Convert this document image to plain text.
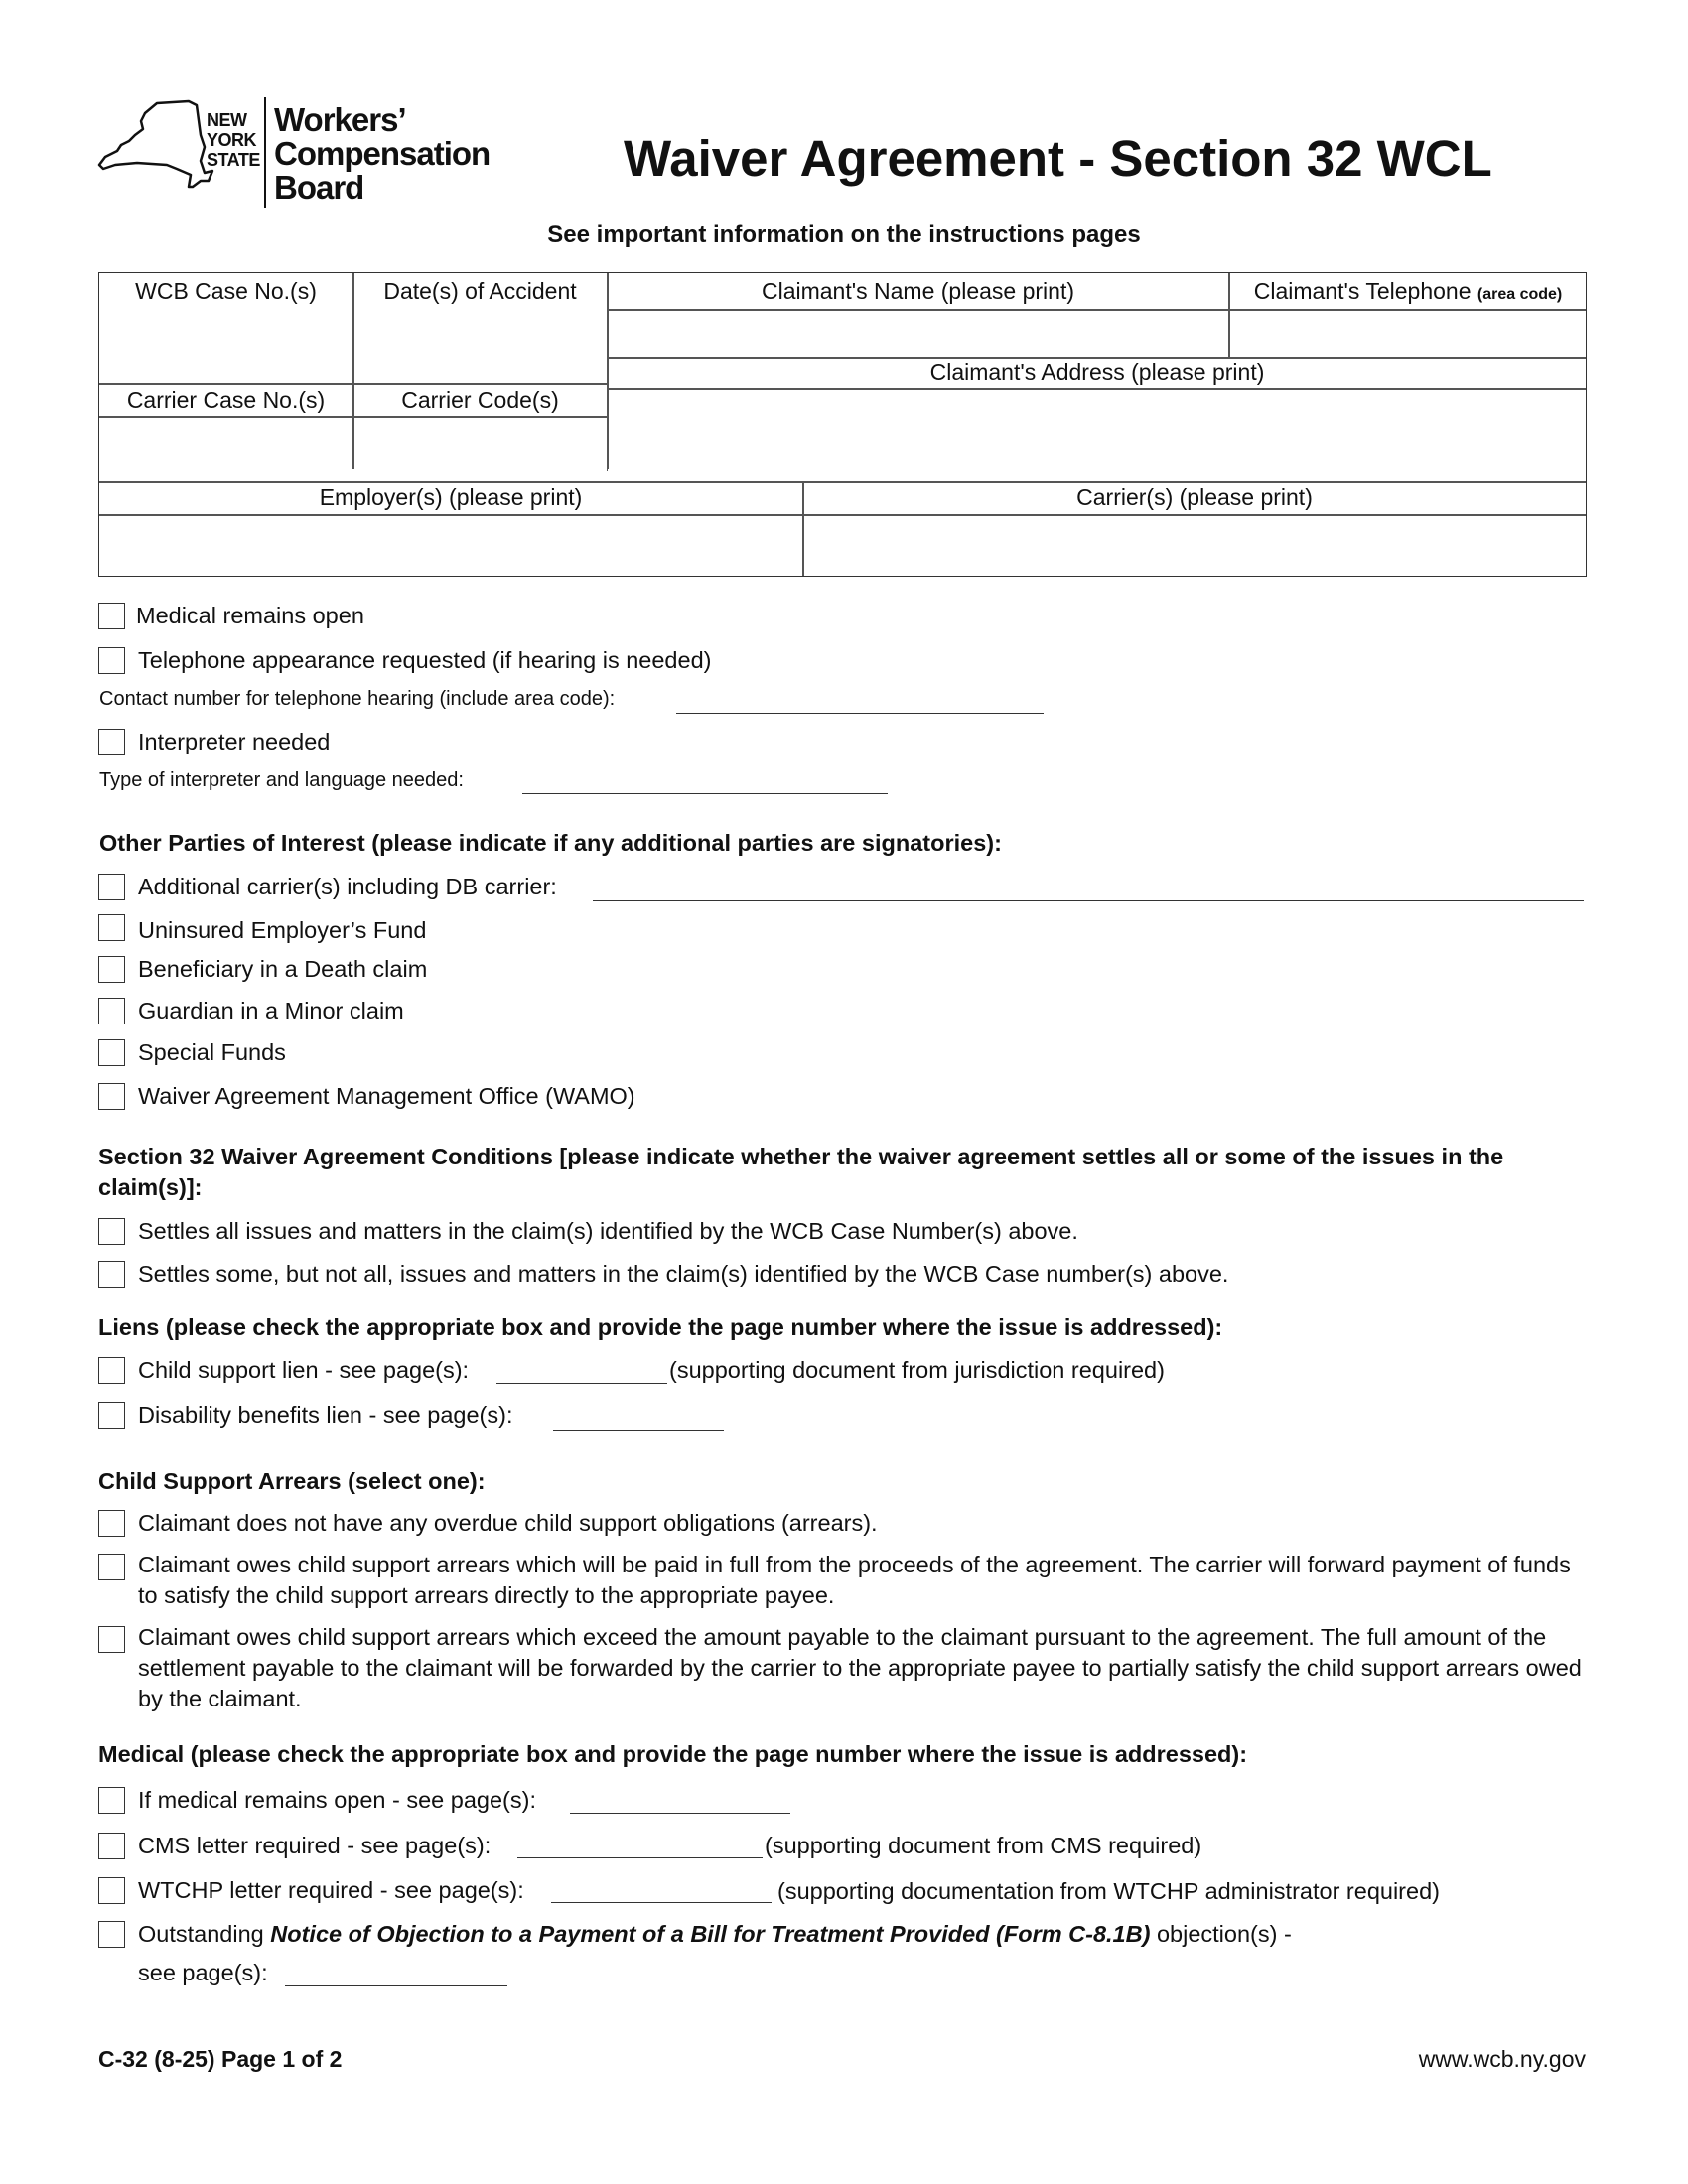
NEW
YORK
STATE
Workers’
Compensation
Board
Waiver Agreement - Section 32 WCL
See important information on the instructions pages
WCB Case No.(s)	Date(s) of Accident	Claimant's Name (please print)	Claimant's Telephone (area code)
Claimant's Address (please print)
Carrier Case No.(s)	Carrier Code(s)
Employer(s) (please print)	Carrier(s) (please print)
Medical remains open
Telephone appearance requested (if hearing is needed)
Contact number for telephone hearing (include area code):
Interpreter needed
Type of interpreter and language needed:
Other Parties of Interest (please indicate if any additional parties are signatories):
Additional carrier(s) including DB carrier:
Uninsured Employer’s Fund
Beneficiary in a Death claim
Guardian in a Minor claim
Special Funds
Waiver Agreement Management Office (WAMO)
Section 32 Waiver Agreement Conditions [please indicate whether the waiver agreement settles all or some of the issues in the claim(s)]:
Settles all issues and matters in the claim(s) identified by the WCB Case Number(s) above.
Settles some, but not all, issues and matters in the claim(s) identified by the WCB Case number(s) above.
Liens (please check the appropriate box and provide the page number where the issue is addressed):
Child support lien - see page(s):	(supporting document from jurisdiction required)
Disability benefits lien - see page(s):
Child Support Arrears (select one):
Claimant does not have any overdue child support obligations (arrears).
Claimant owes child support arrears which will be paid in full from the proceeds of the agreement. The carrier will forward payment of funds to satisfy the child support arrears directly to the appropriate payee.
Claimant owes child support arrears which exceed the amount payable to the claimant pursuant to the agreement. The full amount of the settlement payable to the claimant will be forwarded by the carrier to the appropriate payee to partially satisfy the child support arrears owed by the claimant.
Medical (please check the appropriate box and provide the page number where the issue is addressed):
If medical remains open - see page(s):
CMS letter required - see page(s):	(supporting document from CMS required)
WTCHP letter required - see page(s):	(supporting documentation from WTCHP administrator required)
Outstanding Notice of Objection to a Payment of a Bill for Treatment Provided (Form C-8.1B) objection(s) -
see page(s):
C-32 (8-25) Page 1 of 2	www.wcb.ny.gov
